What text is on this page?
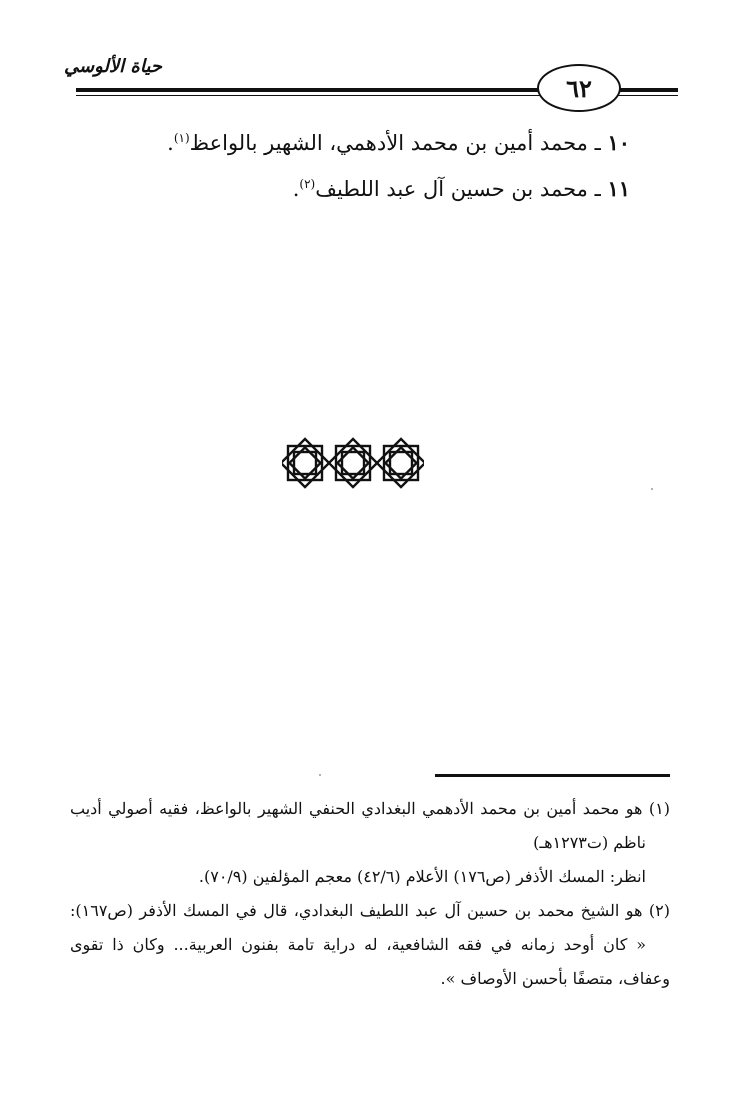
حياة الألوسي
٦٢
١٠ ـ محمد أمين بن محمد الأدهمي، الشهير بالواعظ$^{(١)}$.
١١ ـ محمد بن حسين آل عبد اللطيف$^{(٢)}$.
(١) هو محمد أمين بن محمد الأدهمي البغدادي الحنفي الشهير بالواعظ، فقيه أصولي أديب
ناظم (ت١٢٧٣هـ)
انظر: المسك الأذفر (ص١٧٦) الأعلام (٤٢/٦) معجم المؤلفين (٧٠/٩).
(٢) هو الشيخ محمد بن حسين آل عبد اللطيف البغدادي، قال في المسك الأذفر (ص١٦٧):
« كان أوحد زمانه في فقه الشافعية، له دراية تامة بفنون العربية... وكان ذا تقوى
وعفاف، متصفًا بأحسن الأوصاف ».
